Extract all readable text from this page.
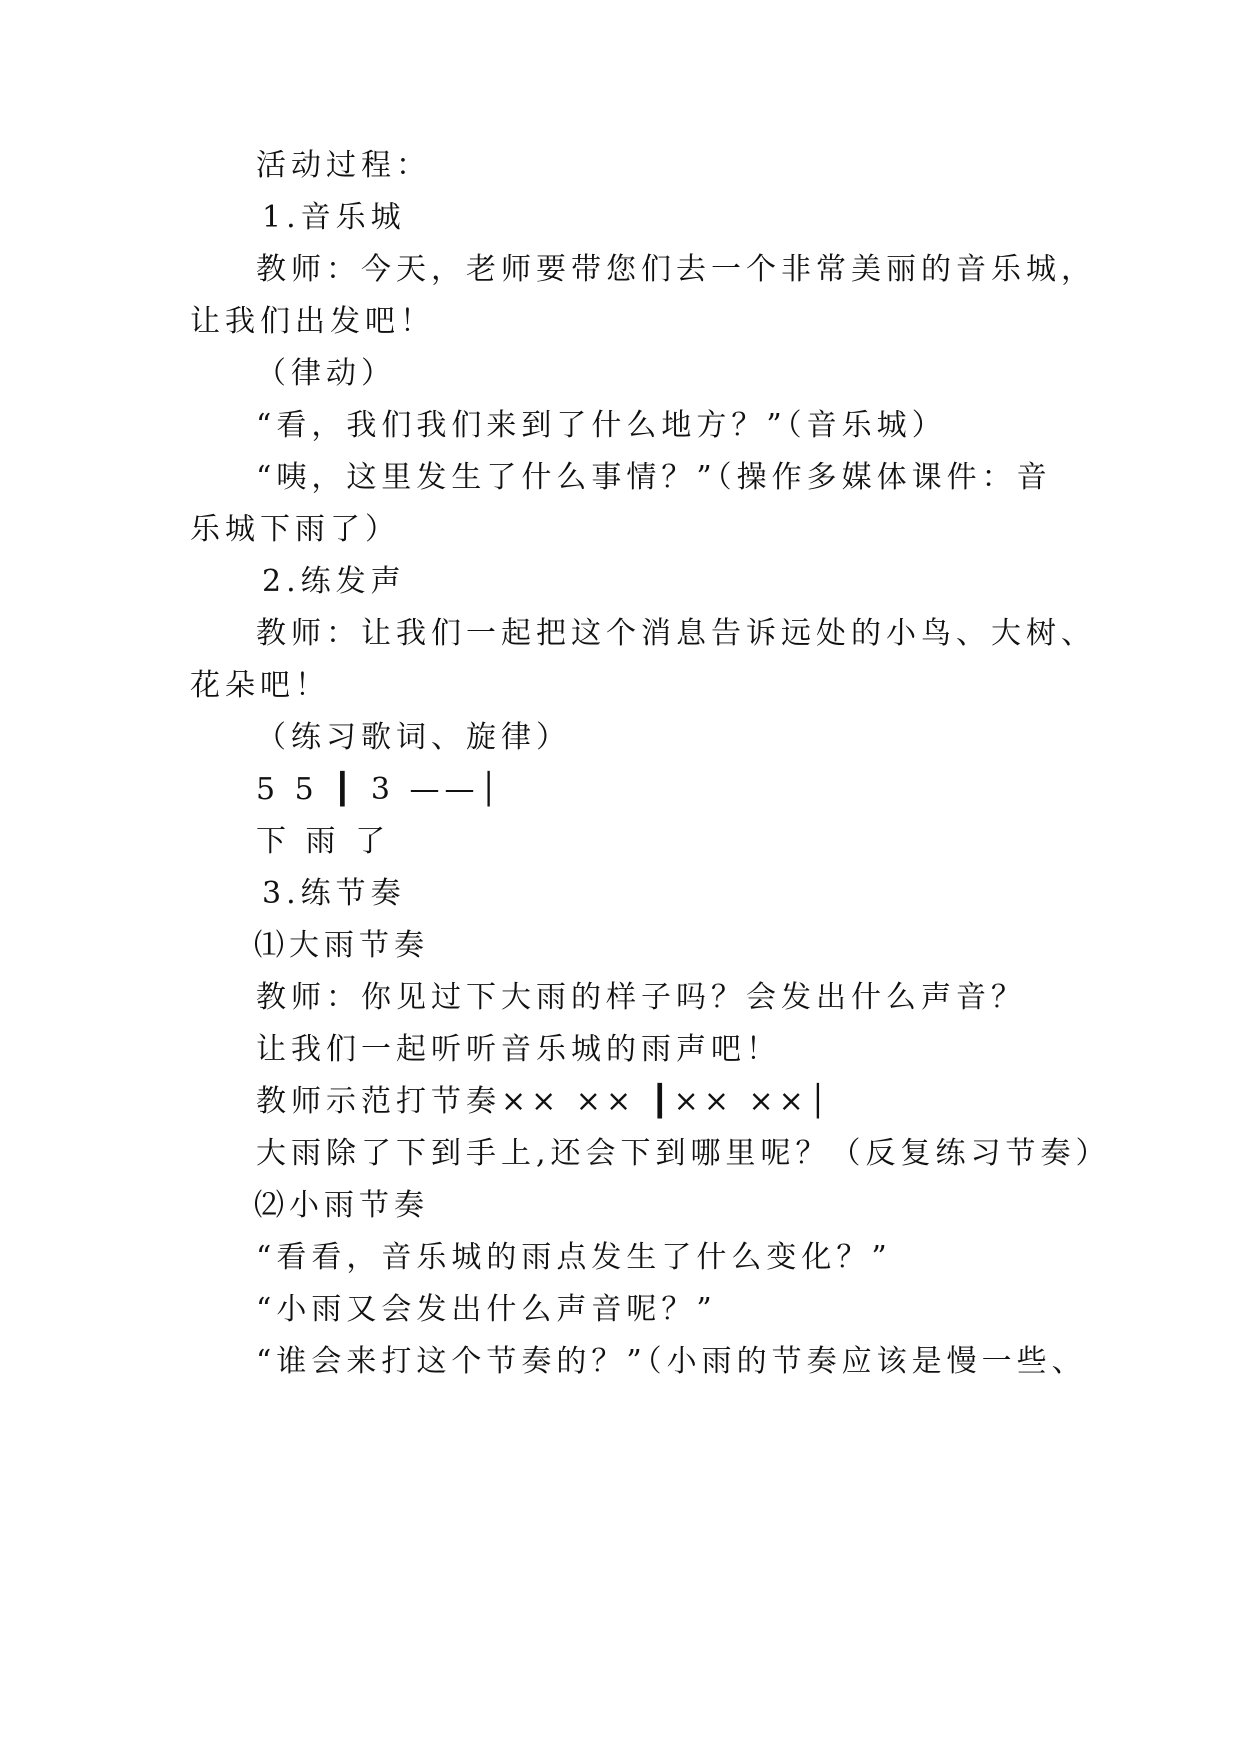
活动过程：
1.音乐城
教师：今天，老师要带您们去一个非常美丽的音乐城，
让我们出发吧！
（律动）
“看，我们我们来到了什么地方？”（音乐城）
“咦，这里发生了什么事情？”（操作多媒体课件：音
乐城下雨了）
2.练发声
教师：让我们一起把这个消息告诉远处的小鸟、大树、
花朵吧！
（练习歌词、旋律）
5 5 ┃ 3 ——│
下 雨 了
3.练节奏
⑴大雨节奏
教师：你见过下大雨的样子吗？会发出什么声音？
让我们一起听听音乐城的雨声吧！
教师示范打节奏×× ×× ┃×× ××│
大雨除了下到手上,还会下到哪里呢？（反复练习节奏）
⑵小雨节奏
“看看，音乐城的雨点发生了什么变化？”
“小雨又会发出什么声音呢？”
“谁会来打这个节奏的？”（小雨的节奏应该是慢一些、
